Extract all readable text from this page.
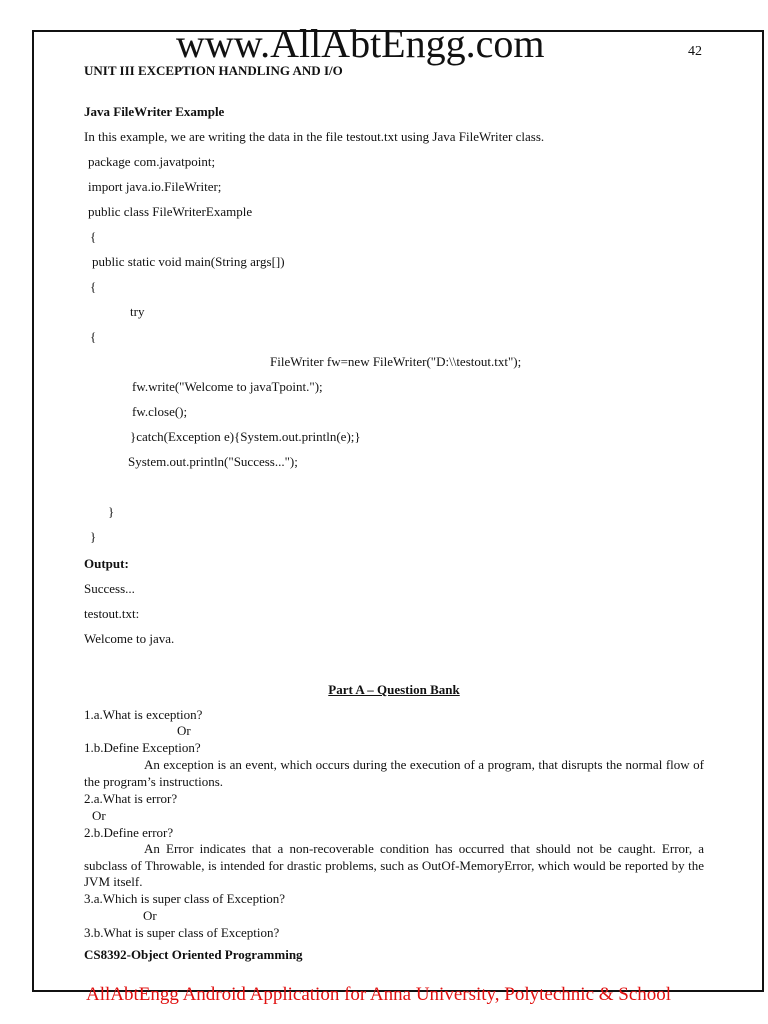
www.AllAbtEngg.com	42
UNIT III EXCEPTION HANDLING AND I/O
Java FileWriter Example
In this example, we are writing the data in the file testout.txt using Java FileWriter class.
package com.javatpoint;
import java.io.FileWriter;
public class FileWriterExample
{
public static void main(String args[])
{
try
{
FileWriter fw=new FileWriter("D:\\testout.txt");
fw.write("Welcome to javaTpoint.");
fw.close();
}catch(Exception e){System.out.println(e);}
System.out.println("Success...");
}
}
Output:
Success...
testout.txt:
Welcome to java.
Part A – Question Bank
1.a.What is exception?
Or
1.b.Define Exception?
An exception is an event, which occurs during the execution of a program, that disrupts the normal flow of the program’s instructions.
2.a.What is error?
Or
2.b.Define error?
An Error indicates that a non-recoverable condition has occurred that should not be caught. Error, a subclass of Throwable, is intended for drastic problems, such as OutOf-MemoryError, which would be reported by the JVM itself.
3.a.Which is super class of Exception?
Or
3.b.What is super class of Exception?
CS8392-Object Oriented Programming
AllAbtEngg Android Application for Anna University, Polytechnic & School
